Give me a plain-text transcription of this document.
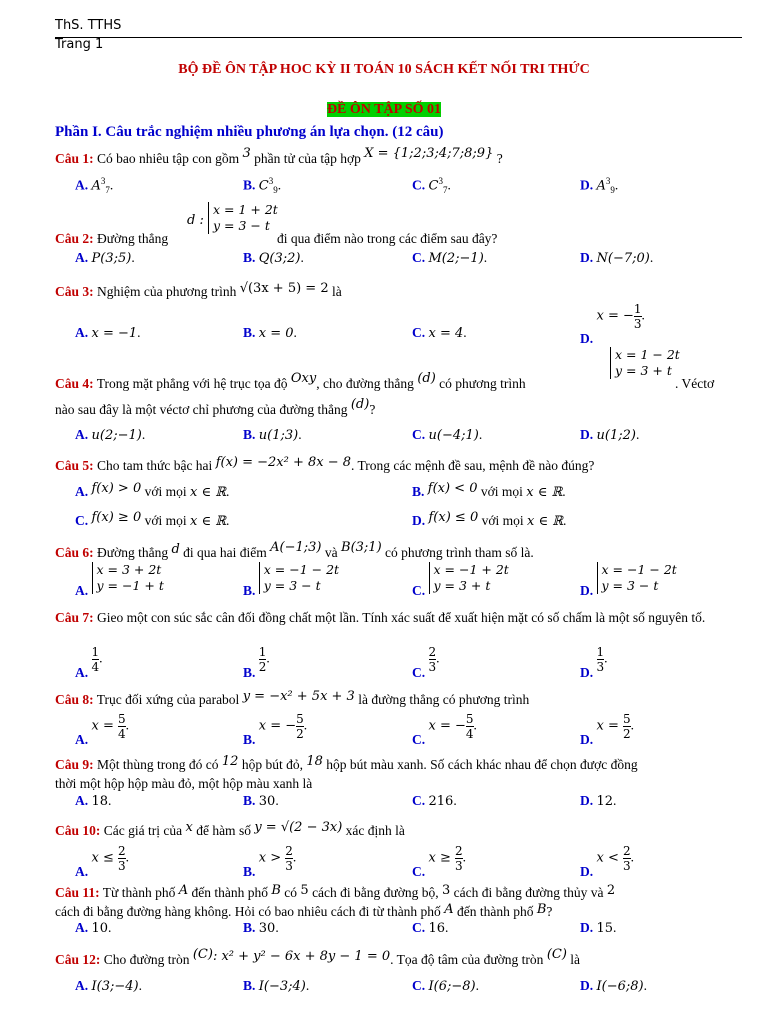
ThS. TTHS
Trang 1
BỘ ĐỀ ÔN TẬP HOC KỲ II TOÁN 10 SÁCH KẾT NỐI TRI THỨC
ĐỀ ÔN TẬP SỐ 01
Phần I. Câu trắc nghiệm nhiều phương án lựa chọn. (12 câu)
Câu 1: Có bao nhiêu tập con gồm 3 phần tử của tập hợp X = {1;2;3;4;7;8;9} ?
A. $A^3_7$.	B. $C^3_9$.	C. $C^3_7$.	D. $A^3_9$.
Câu 2: Đường thẳng
d :
x = 1 + 2t
y = 3 − t
đi qua điểm nào trong các điểm sau đây?
A. P(3;5).	B. Q(3;2).	C. M(2;−1).	D. N(−7;0).
Câu 3: Nghiệm của phương trình √(3x + 5) = 2 là
A. x = −1.	B. x = 0.	C. x = 4.	D. x = − $\frac{1}{3}$ .
Câu 4: Trong mặt phẳng với hệ trục tọa độ Oxy, cho đường thẳng (d) có phương trình
x = 1 − 2t
y = 3 + t
. Véctơ
nào sau đây là một véctơ chỉ phương của đường thẳng (d)?
A. u(2;−1).	B. u(1;3).	C. u(−4;1).	D. u(1;2).
Câu 5: Cho tam thức bậc hai f(x) = −2x² + 8x − 8. Trong các mệnh đề sau, mệnh đề nào đúng?
A. f(x) > 0 với mọi x ∈ ℝ.	B. f(x) < 0 với mọi x ∈ ℝ.
C. f(x) ≥ 0 với mọi x ∈ ℝ.	D. f(x) ≤ 0 với mọi x ∈ ℝ.
Câu 6: Đường thẳng d đi qua hai điểm A(−1;3) và B(3;1) có phương trình tham số là.
A.
x = 3 + 2t
y = −1 + t	B.
x = −1 − 2t
y = 3 − t	C.
x = −1 + 2t
y = 3 + t	D.
x = −1 − 2t
y = 3 − t
Câu 7: Gieo một con súc sắc cân đối đồng chất một lần. Tính xác suất để xuất hiện mặt có số chấm là một số nguyên tố.
A. $\frac{1}{4}$ .
B. $\frac{1}{2}$ .
C. $\frac{2}{3}$ .
D. $\frac{1}{3}$ .
Câu 8: Trục đối xứng của parabol y = −x² + 5x + 3 là đường thẳng có phương trình
A. $x = \frac{5}{4}$ .
B. x = − $\frac{5}{2}$ .
C. x = − $\frac{5}{4}$ .
D. $x = \frac{5}{2}$ .
Câu 9: Một thùng trong đó có 12 hộp bút đỏ, 18 hộp bút màu xanh. Số cách khác nhau để chọn được đồng
thời một hộp hộp màu đỏ, một hộp màu xanh là
A. 18.	B. 30.	C. 216.	D. 12.
Câu 10: Các giá trị của x để hàm số y = √(2 − 3x) xác định là
A. $x \le \frac{2}{3}$ .
B. $x > \frac{2}{3}$ .
C. $x \ge \frac{2}{3}$ .
D. $x < \frac{2}{3}$ .
Câu 11: Từ thành phố A đến thành phố B có 5 cách đi bằng đường bộ, 3 cách đi bằng đường thủy và 2
cách đi bằng đường hàng không. Hỏi có bao nhiêu cách đi từ thành phố A đến thành phố B?
A. 10.	B. 30.	C. 16.	D. 15.
Câu 12: Cho đường tròn (C): x² + y² − 6x + 8y − 1 = 0. Tọa độ tâm của đường tròn (C) là
A. I(3;−4).	B. I(−3;4).	C. I(6;−8).	D. I(−6;8).
